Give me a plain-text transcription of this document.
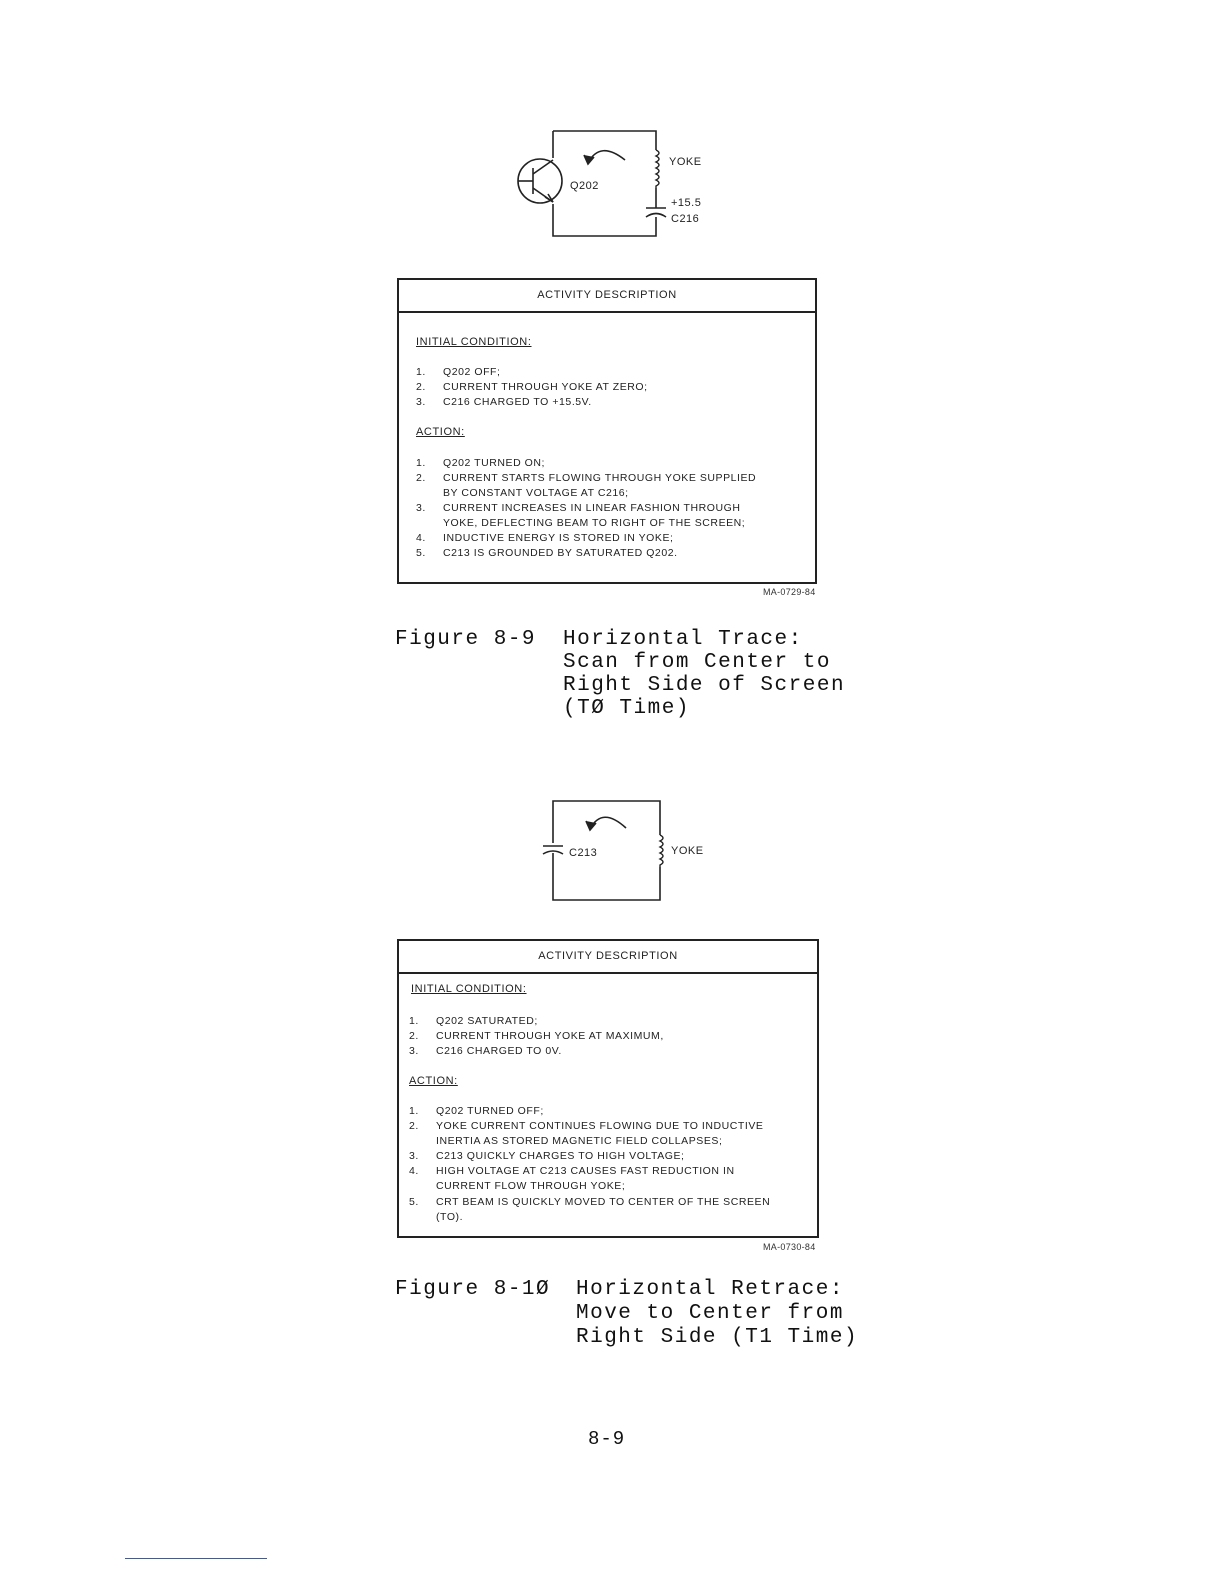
Q202
YOKE
+15.5
C216
C213	YOKE
ACTIVITY DESCRIPTION
INITIAL CONDITION:
1.	Q202 OFF;
2.	CURRENT THROUGH YOKE AT ZERO;
3.	C216 CHARGED TO +15.5V.
ACTION:
1.	Q202 TURNED ON;
2.	CURRENT STARTS FLOWING THROUGH YOKE SUPPLIED
BY CONSTANT VOLTAGE AT C216;
3.	CURRENT INCREASES IN LINEAR FASHION THROUGH
YOKE, DEFLECTING BEAM TO RIGHT OF THE SCREEN;
4.	INDUCTIVE ENERGY IS STORED IN YOKE;
5.	C213 IS GROUNDED BY SATURATED Q202.
MA-0729-84
Figure 8-9 Horizontal Trace:
Scan from Center to
Right Side of Screen
(TØ Time)
ACTIVITY DESCRIPTION
INITIAL CONDITION:
1.	Q202 SATURATED;
2.	CURRENT THROUGH YOKE AT MAXIMUM,
3.	C216 CHARGED TO 0V.
ACTION:
1.	Q202 TURNED OFF;
2.	YOKE CURRENT CONTINUES FLOWING DUE TO INDUCTIVE
INERTIA AS STORED MAGNETIC FIELD COLLAPSES;
3.	C213 QUICKLY CHARGES TO HIGH VOLTAGE;
4.	HIGH VOLTAGE AT C213 CAUSES FAST REDUCTION IN
CURRENT FLOW THROUGH YOKE;
5.	CRT BEAM IS QUICKLY MOVED TO CENTER OF THE SCREEN
(TO).
MA-0730-84
Figure 8-1Ø Horizontal Retrace:
Move to Center from
Right Side (T1 Time)
8-9
